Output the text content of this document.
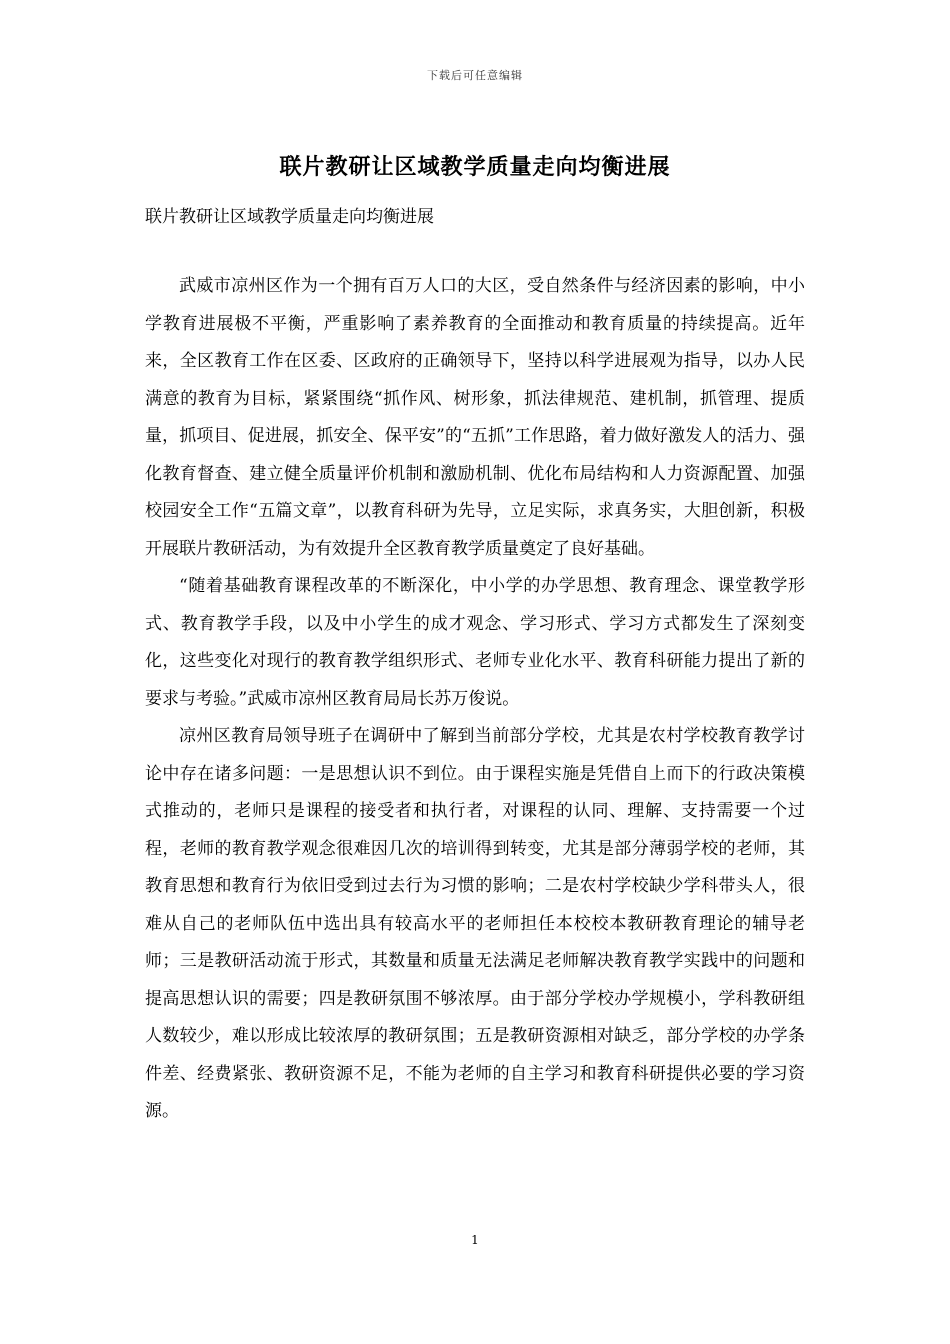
下载后可任意编辑
联片教研让区域教学质量走向均衡进展
联片教研让区域教学质量走向均衡进展

武威市凉州区作为一个拥有百万人口的大区，受自然条件与经济因素的影响，中小学教育进展极不平衡，严重影响了素养教育的全面推动和教育质量的持续提高。近年来，全区教育工作在区委、区政府的正确领导下，坚持以科学进展观为指导，以办人民满意的教育为目标，紧紧围绕“抓作风、树形象，抓法律规范、建机制，抓管理、提质量，抓项目、促进展，抓安全、保平安”的“五抓”工作思路，着力做好激发人的活力、强化教育督查、建立健全质量评价机制和激励机制、优化布局结构和人力资源配置、加强校园安全工作“五篇文章”，以教育科研为先导，立足实际，求真务实，大胆创新，积极开展联片教研活动，为有效提升全区教育教学质量奠定了良好基础。

“随着基础教育课程改革的不断深化，中小学的办学思想、教育理念、课堂教学形式、教育教学手段，以及中小学生的成才观念、学习形式、学习方式都发生了深刻变化，这些变化对现行的教育教学组织形式、老师专业化水平、教育科研能力提出了新的要求与考验。”武威市凉州区教育局局长苏万俊说。

凉州区教育局领导班子在调研中了解到当前部分学校，尤其是农村学校教育教学讨论中存在诸多问题：一是思想认识不到位。由于课程实施是凭借自上而下的行政决策模式推动的，老师只是课程的接受者和执行者，对课程的认同、理解、支持需要一个过程，老师的教育教学观念很难因几次的培训得到转变，尤其是部分薄弱学校的老师，其教育思想和教育行为依旧受到过去行为习惯的影响；二是农村学校缺少学科带头人，很难从自己的老师队伍中选出具有较高水平的老师担任本校校本教研教育理论的辅导老师；三是教研活动流于形式，其数量和质量无法满足老师解决教育教学实践中的问题和提高思想认识的需要；四是教研氛围不够浓厚。由于部分学校办学规模小，学科教研组人数较少，难以形成比较浓厚的教研氛围；五是教研资源相对缺乏，部分学校的办学条件差、经费紧张、教研资源不足，不能为老师的自主学习和教育科研提供必要的学习资源。

1
